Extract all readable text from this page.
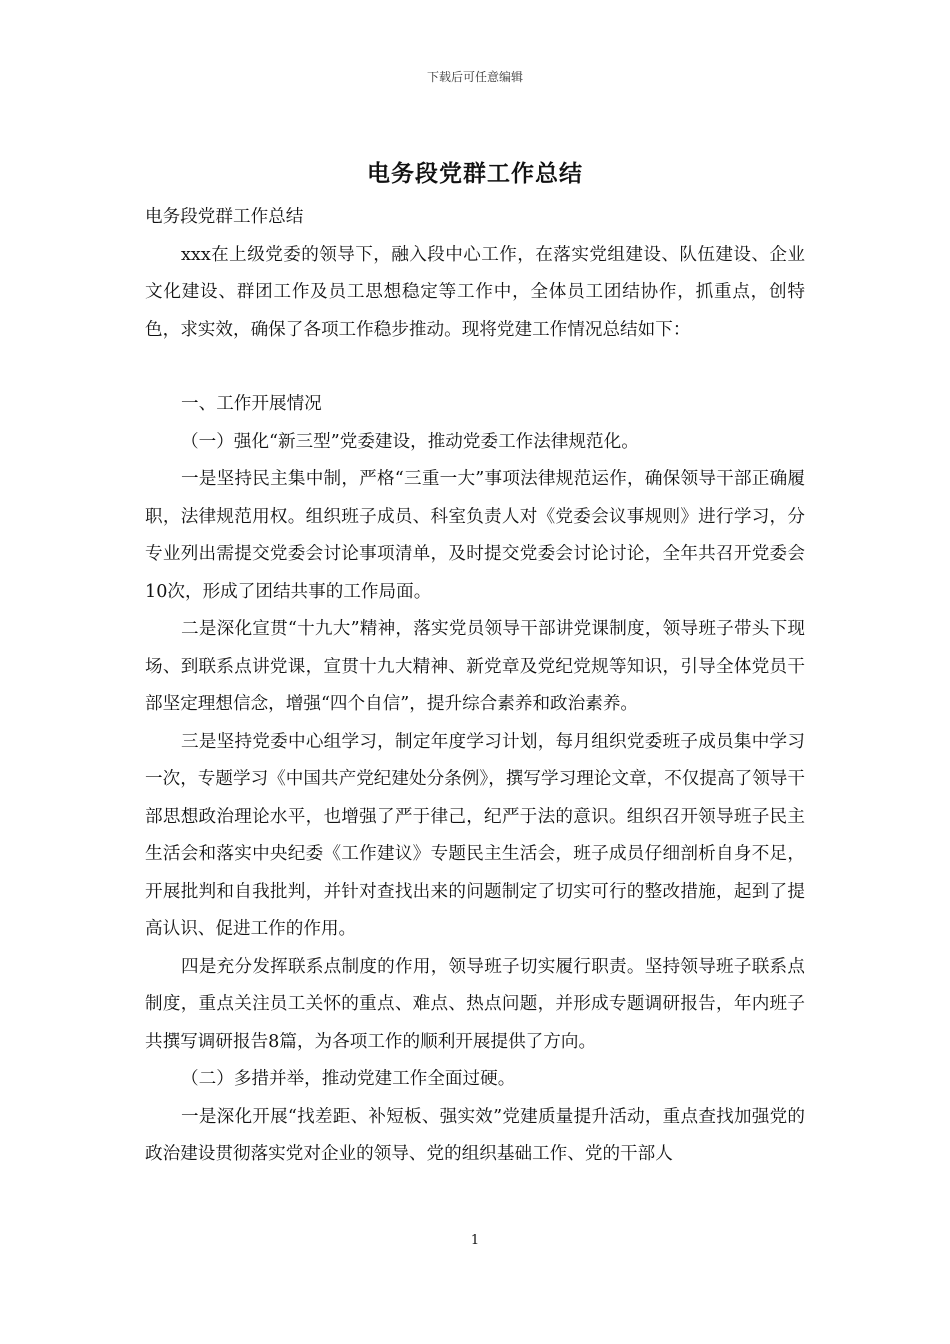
下载后可任意编辑
电务段党群工作总结

电务段党群工作总结

xxx在上级党委的领导下，融入段中心工作，在落实党组建设、队伍建设、企业文化建设、群团工作及员工思想稳定等工作中，全体员工团结协作，抓重点，创特色，求实效，确保了各项工作稳步推动。现将党建工作情况总结如下：

一、工作开展情况

（一）强化“新三型”党委建设，推动党委工作法律规范化。

一是坚持民主集中制，严格“三重一大”事项法律规范运作，确保领导干部正确履职，法律规范用权。组织班子成员、科室负责人对《党委会议事规则》进行学习，分专业列出需提交党委会讨论事项清单，及时提交党委会讨论讨论，全年共召开党委会10次，形成了团结共事的工作局面。

二是深化宣贯“十九大”精神，落实党员领导干部讲党课制度，领导班子带头下现场、到联系点讲党课，宣贯十九大精神、新党章及党纪党规等知识，引导全体党员干部坚定理想信念，增强“四个自信”，提升综合素养和政治素养。

三是坚持党委中心组学习，制定年度学习计划，每月组织党委班子成员集中学习一次，专题学习《中国共产党纪建处分条例》，撰写学习理论文章，不仅提高了领导干部思想政治理论水平，也增强了严于律己，纪严于法的意识。组织召开领导班子民主生活会和落实中央纪委《工作建议》专题民主生活会，班子成员仔细剖析自身不足，开展批判和自我批判，并针对查找出来的问题制定了切实可行的整改措施，起到了提高认识、促进工作的作用。

四是充分发挥联系点制度的作用，领导班子切实履行职责。坚持领导班子联系点制度，重点关注员工关怀的重点、难点、热点问题，并形成专题调研报告，年内班子共撰写调研报告8篇，为各项工作的顺利开展提供了方向。

（二）多措并举，推动党建工作全面过硬。

一是深化开展“找差距、补短板、强实效”党建质量提升活动，重点查找加强党的政治建设贯彻落实党对企业的领导、党的组织基础工作、党的干部人

1
